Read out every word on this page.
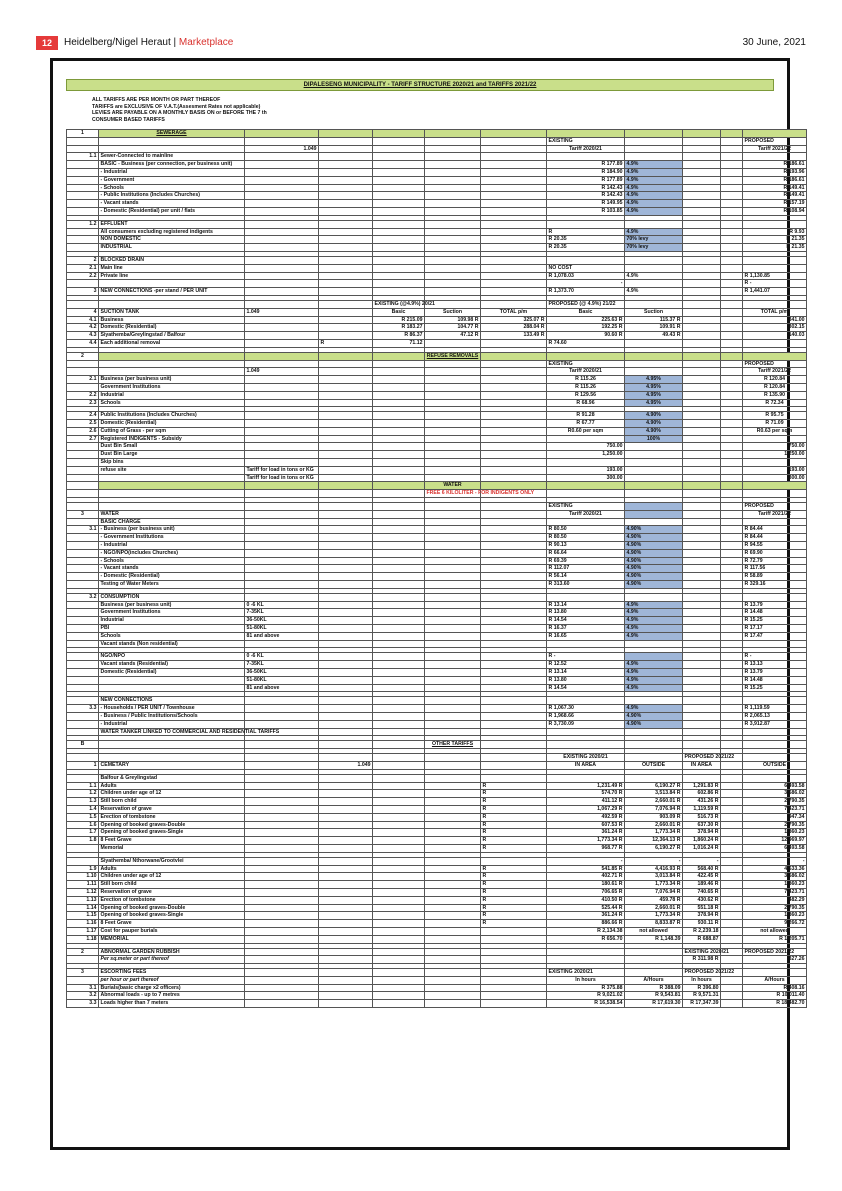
12	Heidelberg/Nigel Heraut | Marketplace	30 June, 2021
DIPALESENG MUNICIPALITY - TARIFF STRUCTURE 2020/21 and TARIFFS 2021/22
ALL TARIFFS ARE PER MONTH OR PART THEREOF
TARIFFS are EXCLUSIVE OF V.A.T.(Assesment Rates not applicable)
LEVIES ARE PAYABLE ON A MONTHLY BASIS ON or BEFORE THE 7 th
CONSUMER BASED TARIFFS
1	SEWERAGE										
							EXISTING				PROPOSED
		1.049					Tariff 2020/21				Tariff 2021/22
1.1	Sewer-Connected to mainline										
	BASIC - Business (per connection, per business unit)						R 177.89	4.9%			R 186.61
	- Industrial						R 184.90	4.9%			R 193.96
	- Government						R 177.89	4.9%			R 186.61
	- Schools						R 142.43	4.9%			R 149.41
	- Public Institutions (Includes Churches)						R 142.43	4.9%			R 149.41
	- Vacant stands						R 149.95	4.9%			R 157.19
	- Domestic (Residential) per unit / flats						R 103.85	4.9%			R 108.94

1.2	EFFLUENT										
	All consumers excluding registered indigents						R	4.9%			R 9.93
	NON DOMESTIC						R 20.35	70% levy			R 21.35
	INDUSTRIAL						R 20.35	70% levy			R 21.35

2	BLOCKED DRAIN										
2.1	Main line						NO COST				
2.2	Private line						R 1,078.03	4.9%			R 1,130.85
							-				R -
3	NEW CONNECTIONS -per stand / PER UNIT						R 1,373.70	4.9%			R 1,441.07

				EXISTING (@4.9%) 20/21			PROPOSED (@ 4.9%) 21/22				
4	SUCTION TANK	1.049		Basic	Suction	TOTAL p/m	Basic	Suction			TOTAL p/m
4.1	Business			R 215.09	109.98 R	325.07 R	225.63 R	115.37 R			341.00
4.2	Domestic (Residential)			R 183.27	104.77 R	288.04 R	192.25 R	109.91 R			302.15
4.3	Siyathemba/Greylingstad / Balfour			R 86.37	47.12 R	133.49 R	90.60 R	49.43 R			140.03
4.4	Each additional removal		R	71.12			R 74.60				

2					REFUSE REMOVALS						
							EXISTING				PROPOSED
		1.049					Tariff 2020/21				Tariff 2021/22
2.1	Business (per business unit)						R 115.26	4.95%			R 120.84
	Government Institutions						R 115.26	4.95%			R 120.84
2.2	Industrial						R 129.56	4.95%			R 135.90
2.3	Schools						R 68.96	4.95%			R 72.34

2.4	Public Institutions (Includes Churches)						R 91.28	4.90%			R 95.75
2.5	Domestic (Residential)						R 67.77	4.90%			R 71.09
2.6	Cutting of Grass - per sqm						R0.60 per sqm	4.90%			R0.63 per sqm
2.7	Registered INDIGENTS - Subsidy							100%			
	Dust Bin Small						750.00				750.00
	Dust Bin Large						1,250.00				1,250.00
	Skip bins										
	refuse site	Tariff for load in tons or KG					193.00				193.00
		Tariff for load in tons or KG					300.00				300.00
					WATER						
					FREE 6 KILOLITER - FOR INDIGENTS ONLY						

							EXISTING				PROPOSED
3	WATER						Tariff 2020/21				Tariff 2021/22
	BASIC CHARGE										
3.1	- Business (per business unit)						R 80.50	4.90%			R 84.44
	- Government Institutions						R 80.50	4.90%			R 84.44
	- Industrial						R 90.13	4.90%			R 94.55
	- NGO/NPO(includes Churches)						R 66.64	4.90%			R 69.90
	- Schools						R 69.39	4.90%			R 72.79
	- Vacant stands						R 112.07	4.90%			R 117.56
	- Domestic (Residential)						R 56.14	4.90%			R 58.89
	Testing of Water Meters						R 313.60	4.90%			R 329.16

3.2	CONSUMPTION										
	Business (per business unit)	0 -6 KL					R 13.14	4.9%			R 13.79
	Government Institutions	7-35KL					R 13.80	4.9%			R 14.48
	Industrial	36-50KL					R 14.54	4.9%			R 15.25
	PBI	51-80KL					R 16.37	4.9%			R 17.17
	Schools	81 and above					R 16.65	4.9%			R 17.47
	Vacant stands (Non residential)										

	NGO/NPO	0 -6 KL					R -				R -
	Vacant stands (Residential)	7-35KL					R 12.52	4.9%			R 13.13
	Domestic (Residential)	36-50KL					R 13.14	4.9%			R 13.79
		51-80KL					R 13.80	4.9%			R 14.48
		81 and above					R 14.54	4.9%			R 15.25

	NEW CONNECTIONS										
3.3	- Households / PER UNIT / Townhouse						R 1,067.30	4.9%			R 1,119.59
	- Business / Public Institutions/Schools						R 1,968.66	4.90%			R 2,065.13
	- Industrial						R 3,730.09	4.90%			R 3,912.87
	WATER TANKER LINKED TO COMMERCIAL AND RESIDENTIAL TARIFFS										

B					OTHER TARIFFS						

							EXISTING 2020/21		PROPOSED 2021/22		
1	CEMETARY		1.049				IN AREA	OUTSIDE	IN AREA		OUTSIDE

	Balfour & Greylingstad										
1.1	Adults					R	1,231.49 R	6,190.27 R	1,291.83 R		6,493.58
1.2	Children under age of 12					R	574.70 R	3,513.84 R	602.86 R		3,686.02
1.3	Still born child					R	411.12 R	2,660.01 R	431.26 R		2,790.35
1.4	Reservation of grave					R	1,067.29 R	7,076.94 R	1,119.59 R		7,423.71
1.5	Erection of tombstone					R	492.59 R	903.09 R	516.73 R		947.34
1.6	Opening of booked graves-Double					R	607.53 R	2,660.01 R	637.30 R		2,790.35
1.7	Opening of booked graves-Single					R	361.24 R	1,773.34 R	378.94 R		1,860.23
1.8	8 Feet Grave					R	1,773.34 R	12,364.13 R	1,860.24 R		12,969.97
	Memorial					R	968.77 R	6,190.27 R	1,016.24 R		6,493.58

	Siyathemba/ Nthorwane/Grootvlei						-	-	-		-
1.9	Adults					R	541.85 R	4,416.93 R	568.40 R		4,633.36
1.10	Children under age of 12					R	402.71 R	3,013.84 R	422.45 R		3,686.02
1.11	Still born child					R	180.61 R	1,773.34 R	189.46 R		1,860.23
1.12	Reservation of grave					R	706.65 R	7,076.94 R	740.65 R		7,423.71
1.13	Erection of tombstone					R	410.50 R	459.78 R	430.62 R		482.29
1.14	Opening of booked graves-Double					R	525.44 R	2,660.01 R	551.18 R		2,790.35
1.15	Opening of booked graves-Single					R	361.24 R	1,773.34 R	378.94 R		1,860.23
1.16	8 Feet Grave					R	886.66 R	8,833.87 R	930.11 R		9,266.72
1.17	Cost for pauper burials						R 2,134.38	not allowed	R 2,239.18		not allowed
1.18	MEMORIAL						R 656.70	R 1,148.39	R 688.87		R 1,205.71

2	ABNORMAL GARDEN RUBBISH								EXISTING 2020/21		PROPOSED 2021/22
	Per sq.meter or part thereof								R 311.98 R		327.26

3	ESCORTING FEES						EXISTING 2020/21		PROPOSED 2021/22		
	per hour or part thereof						In hours	A/Hours	In hours		A/Hours
3.1	Burials(basic charge x2 officers)						R 375.88	R 388.09	R 396.80		R 408.16
3.2	Abnormal loads - up to 7 metres						R 9,021.02	R 9,543.81	R 9,571.31		R 10,011.40
3.3	Loads higher than 7 meters						R 16,538.54	R 17,619.30	R 17,347.39		R 18,482.70
